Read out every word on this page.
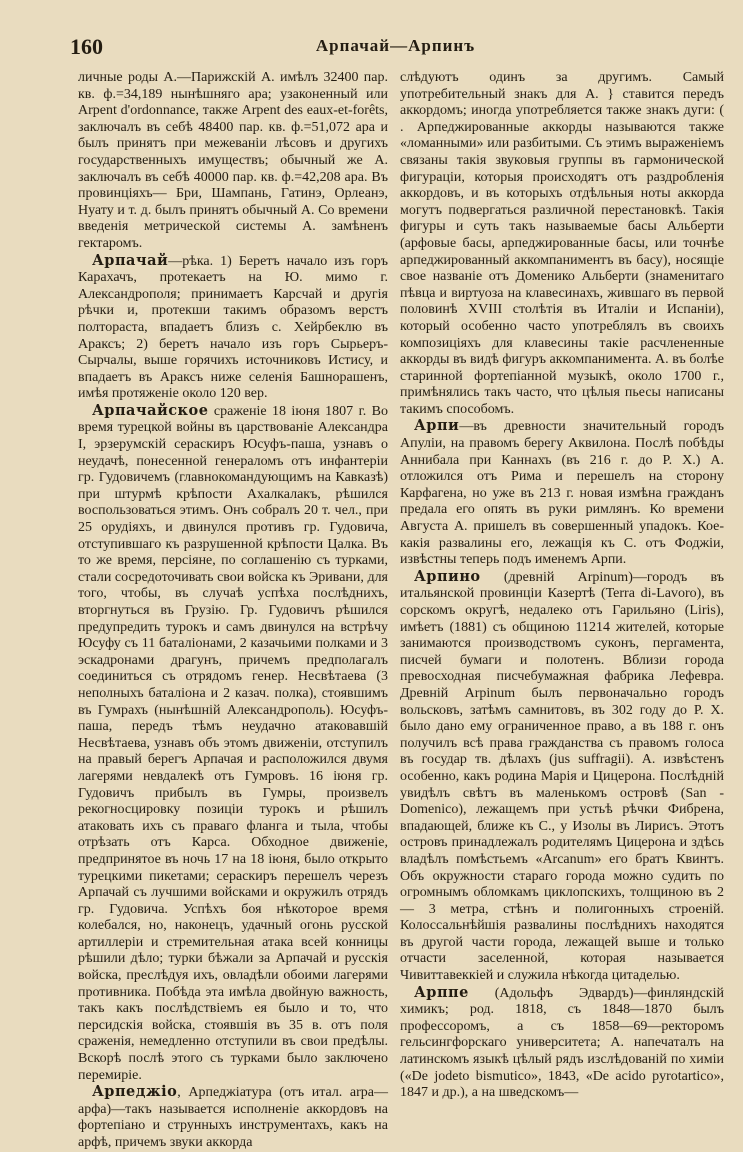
160	Арпачай—Арпинъ

личные роды А.—Парижскій А. имѣлъ 32400 пар. кв. ф.=34,189 нынѣшняго ара; узаконенный или Arpent d'ordonnance, также Arpent des eaux-et-forêts, заключалъ въ себѣ 48400 пар. кв. ф.=51,072 ара и былъ принятъ при межеваніи лѣсовъ и другихъ государственныхъ имуществъ; обычный же А. заключалъ въ себѣ 40000 пар. кв. ф.=42,208 ара. Въ провинціяхъ— Бри, Шампань, Гатинэ, Орлеанэ, Нуату и т. д. былъ принятъ обычный А. Со времени введенія метрической системы А. замѣненъ гектаромъ.

Арпачай—рѣка. 1) Беретъ начало изъ горъ Карахачъ, протекаетъ на Ю. мимо г. Александрополя; принимаетъ Карсчай и другія рѣчки и, протекши такимъ образомъ верстъ полтораста, впадаетъ близъ с. Хейрбеклю въ Араксъ; 2) беретъ начало изъ горъ Сырьеръ-Сырчалы, выше горячихъ источниковъ Истису, и впадаетъ въ Араксъ ниже селенія Башнорашенъ, имѣя протяженіе около 120 вер.

Арпачайское сраженіе 18 іюня 1807 г. Во время турецкой войны въ царствованіе Александра I, эрзерумскій сераскиръ Юсуфъ-паша, узнавъ о неудачѣ, понесенной генераломъ отъ инфантеріи гр. Гудовичемъ (главнокомандующимъ на Кавказѣ) при штурмѣ крѣпости Ахалкалакъ, рѣшился воспользоваться этимъ. Онъ собралъ 20 т. чел., при 25 орудіяхъ, и двинулся противъ гр. Гудовича, отступившаго къ разрушенной крѣпости Цалка. Въ то же время, персіяне, по соглашенію съ турками, стали сосредоточивать свои войска къ Эривани, для того, чтобы, въ случаѣ успѣха послѣднихъ, вторгнуться въ Грузію. Гр. Гудовичъ рѣшился предупредить турокъ и самъ двинулся на встрѣчу Юсуфу съ 11 баталіонами, 2 казачьими полками и 3 эскадронами драгунъ, причемъ предполагалъ соединиться съ отрядомъ генер. Несвѣтаева (3 неполныхъ баталіона и 2 казач. полка), стоявшимъ въ Гумрахъ (нынѣшній Александрополь). Юсуфъ-паша, передъ тѣмъ неудачно атаковавшій Несвѣтаева, узнавъ объ этомъ движеніи, отступилъ на правый берегъ Арпачая и расположился двумя лагерями невдалекѣ отъ Гумровъ. 16 іюня гр. Гудовичъ прибылъ въ Гумры, произвелъ рекогносцировку позиціи турокъ и рѣшилъ атаковать ихъ съ праваго фланга и тыла, чтобы отрѣзать отъ Карса. Обходное движеніе, предпринятое въ ночь 17 на 18 іюня, было открыто турецкими пикетами; сераскиръ перешелъ черезъ Арпачай съ лучшими войсками и окружилъ отрядъ гр. Гудовича. Успѣхъ боя нѣкоторое время колебался, но, наконецъ, удачный огонь русской артиллеріи и стремительная атака всей конницы рѣшили дѣло; турки бѣжали за Арпачай и русскія войска, преслѣдуя ихъ, овладѣли обоими лагерями противника. Побѣда эта имѣла двойную важность, такъ какъ послѣдствіемъ ея было и то, что персидскія войска, стоявшія въ 35 в. отъ поля сраженія, немедленно отступили въ свои предѣлы. Вскорѣ послѣ этого съ турками было заключено перемиріе.

Арпеджіо, Арпеджіатура (отъ итал. arpa—арфа)—такъ называется исполненіе аккордовъ на фортепіано и струнныхъ инструментахъ, какъ на арфѣ, причемъ звуки аккорда

слѣдуютъ одинъ за другимъ. Самый употребительный знакъ для А. } ставится передъ аккордомъ; иногда употребляется также знакъ дуги: ( . Арпеджированные аккорды называются также «ломанными» или разбитыми. Съ этимъ выраженіемъ связаны такія звуковыя группы въ гармонической фигураціи, которыя происходятъ отъ раздробленія аккордовъ, и въ которыхъ отдѣльныя ноты аккорда могутъ подвергаться различной перестановкѣ. Такія фигуры и суть такъ называемые басы Альберти (арфовые басы, арпеджированные басы, или точнѣе арпеджированный аккомпаниментъ въ басу), носящіе свое названіе отъ Доменико Альберти (знаменитаго пѣвца и виртуоза на клавесинахъ, жившаго въ первой половинѣ XVIII столѣтія въ Италіи и Испаніи), который особенно часто употреблялъ въ своихъ композиціяхъ для клавесины такіе расчлененные аккорды въ видѣ фигуръ аккомпанимента. А. въ болѣе старинной фортепіанной музыкѣ, около 1700 г., примѣнялись такъ часто, что цѣлыя пьесы написаны такимъ способомъ.

Арпи—въ древности значительный городъ Апуліи, на правомъ берегу Аквилона. Послѣ побѣды Аннибала при Каннахъ (въ 216 г. до Р. Х.) А. отложился отъ Рима и перешелъ на сторону Карфагена, но уже въ 213 г. новая измѣна гражданъ предала его опять въ руки римлянъ. Ко времени Августа А. пришелъ въ совершенный упадокъ. Кое-какія развалины его, лежащія къ С. отъ Фоджіи, извѣстны теперь подъ именемъ Арпи.

Арпино (древній Arpinum)—городъ въ итальянской провинціи Казертѣ (Terra di-Lavoro), въ сорскомъ округѣ, недалеко отъ Гарильяно (Liris), имѣетъ (1881) съ общиною 11214 жителей, которые занимаются производствомъ суконъ, пергамента, писчей бумаги и полотенъ. Вблизи города превосходная писчебумажная фабрика Лефевра. Древній Arpinum былъ первоначально городъ вольсковъ, затѣмъ самнитовъ, въ 302 году до Р. Х. было дано ему ограниченное право, а въ 188 г. онъ получилъ всѣ права гражданства съ правомъ голоса въ государ тв. дѣлахъ (jus suffragii). А. извѣстенъ особенно, какъ родина Марія и Цицерона. Послѣдній увидѣлъ свѣтъ въ маленькомъ островѣ (San - Domenico), лежащемъ при устьѣ рѣчки Фибрена, впадающей, ближе къ С., у Изолы въ Лирисъ. Этотъ островъ принадлежалъ родителямъ Цицерона и здѣсь владѣлъ помѣстьемъ «Arcanum» его братъ Квинтъ. Объ окружности стараго города можно судить по огромнымъ обломкамъ циклопскихъ, толщиною въ 2 — 3 метра, стѣнъ и полигонныхъ строеній. Колоссальнѣйшія развалины послѣднихъ находятся въ другой части города, лежащей выше и только отчасти заселенной, которая называется Чивиттавеккіей и служила нѣкогда цитаделью.

Арппе (Адольфъ Эдвардъ)—финляндскій химикъ; род. 1818, съ 1848—1870 былъ профессоромъ, а съ 1858—69—ректоромъ гельсингфорскаго университета; А. напечаталъ на латинскомъ языкѣ цѣлый рядъ изслѣдованій по химіи («De jodeto bismutico», 1843, «De acido pyrotartico», 1847 и др.), а на шведскомъ—
